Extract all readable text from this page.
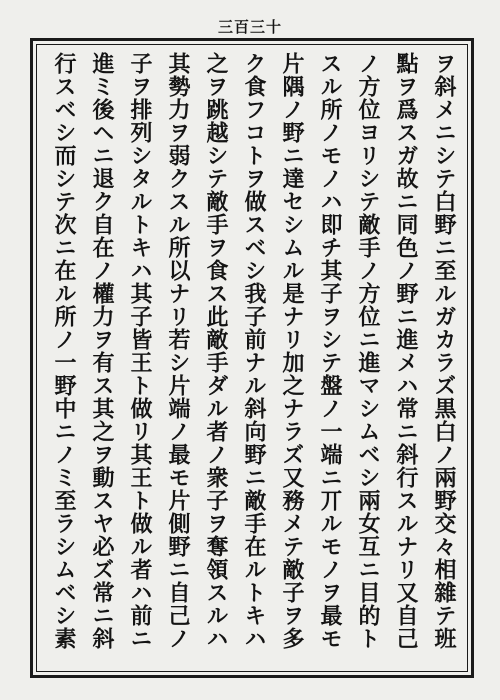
三百三十
ヲ斜メニシテ白野ニ至ルガカラズ黒白ノ兩野交々相雜テ班
點ヲ爲スガ故ニ同色ノ野ニ進メハ常ニ斜行スルナリ又自己
ノ方位ヨリシテ敵手ノ方位ニ進マシムベシ兩女互ニ目的ト
スル所ノモノハ即チ其子ヲシテ盤ノ一端ニ丌ルモノヲ最モ
片隅ノ野ニ達セシムル是ナリ加之ナラズ又務メテ敵子ヲ多
ク食フコトヲ做スベシ我子前ナル斜向野ニ敵手在ルトキハ
之ヲ跳越シテ敵手ヲ食ス此敵手ダル者ノ衆子ヲ奪領スルハ
其勢力ヲ弱クスル所以ナリ若シ片端ノ最モ片側野ニ自己ノ
子ヲ排列シタルトキハ其子皆王ト做リ其王ト做ル者ハ前ニ
進ミ後ヘニ退ク自在ノ權力ヲ有ス其之ヲ動スヤ必ズ常ニ斜
行スベシ而シテ次ニ在ル所ノ一野中ニノミ至ラシムベシ素
